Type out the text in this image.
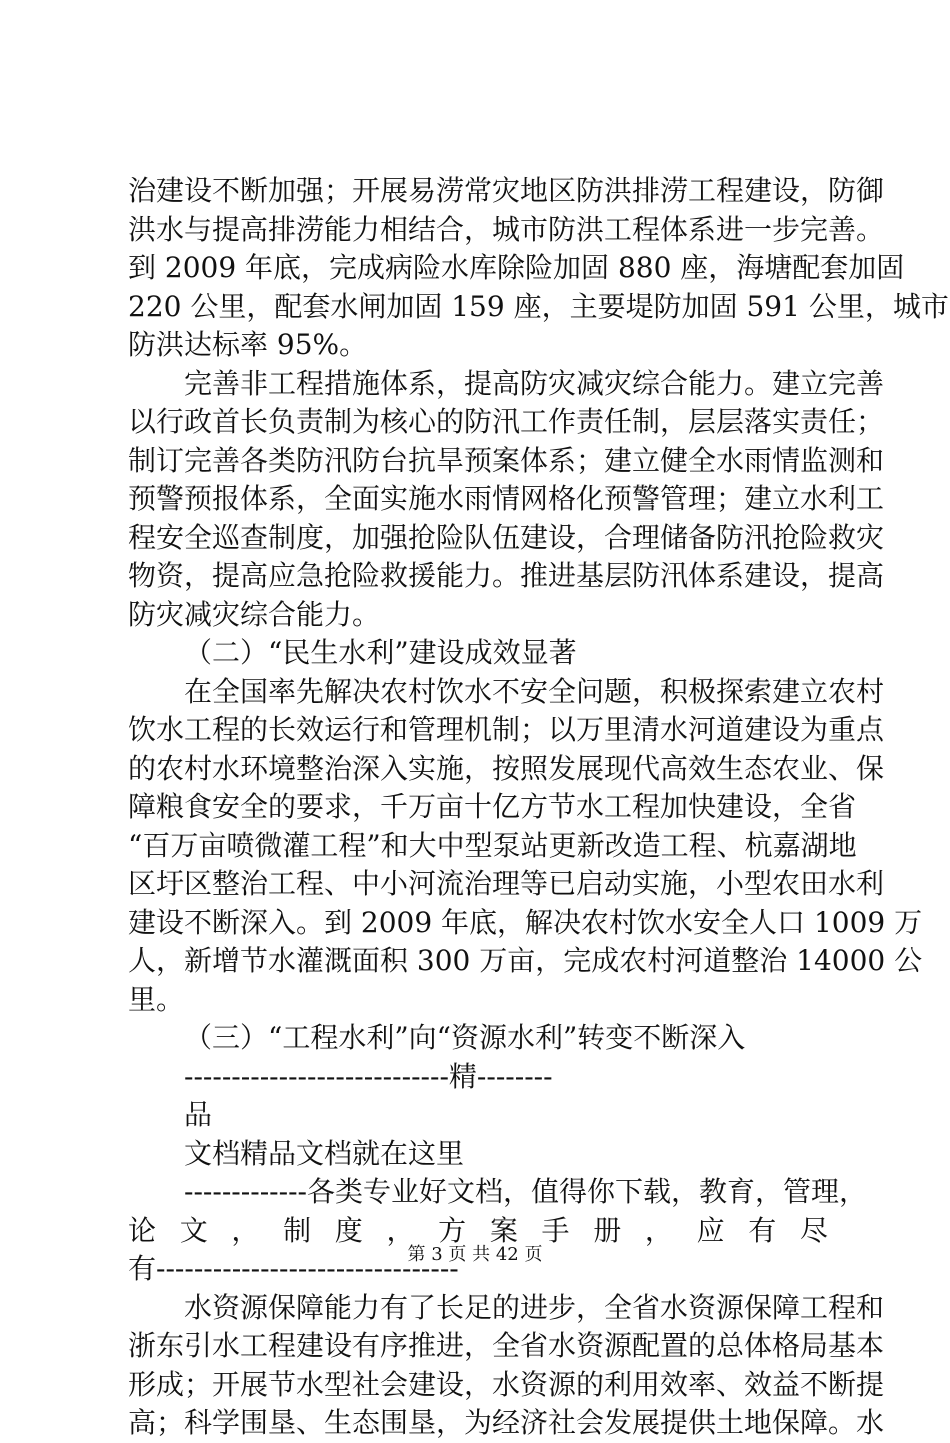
治建设不断加强；开展易涝常灾地区防洪排涝工程建设，防御
洪水与提高排涝能力相结合，城市防洪工程体系进一步完善。
到 2009 年底，完成病险水库除险加固 880 座，海塘配套加固
220 公里，配套水闸加固 159 座，主要堤防加固 591 公里，城市
防洪达标率 95%。
完善非工程措施体系，提高防灾减灾综合能力。建立完善
以行政首长负责制为核心的防汛工作责任制，层层落实责任；
制订完善各类防汛防台抗旱预案体系；建立健全水雨情监测和
预警预报体系，全面实施水雨情网格化预警管理；建立水利工
程安全巡查制度，加强抢险队伍建设，合理储备防汛抢险救灾
物资，提高应急抢险救援能力。推进基层防汛体系建设，提高
防灾减灾综合能力。
（二）“民生水利”建设成效显著
在全国率先解决农村饮水不安全问题，积极探索建立农村
饮水工程的长效运行和管理机制；以万里清水河道建设为重点
的农村水环境整治深入实施，按照发展现代高效生态农业、保
障粮食安全的要求，千万亩十亿方节水工程加快建设，全省
“百万亩喷微灌工程”和大中型泵站更新改造工程、杭嘉湖地
区圩区整治工程、中小河流治理等已启动实施，小型农田水利
建设不断深入。到 2009 年底，解决农村饮水安全人口 1009 万
人，新增节水灌溉面积 300 万亩，完成农村河道整治 14000 公
里。
（三）“工程水利”向“资源水利”转变不断深入
----------------------------精--------
品
文档精品文档就在这里
-------------各类专业好文档，值得你下载，教育，管理，
论 文 ， 制 度 ， 方 案 手 册 ， 应 有 尽
有--------------------------------
水资源保障能力有了长足的进步，全省水资源保障工程和
浙东引水工程建设有序推进，全省水资源配置的总体格局基本
形成；开展节水型社会建设，水资源的利用效率、效益不断提
高；科学围垦、生态围垦，为经济社会发展提供土地保障。水
第 3 页 共 42 页
